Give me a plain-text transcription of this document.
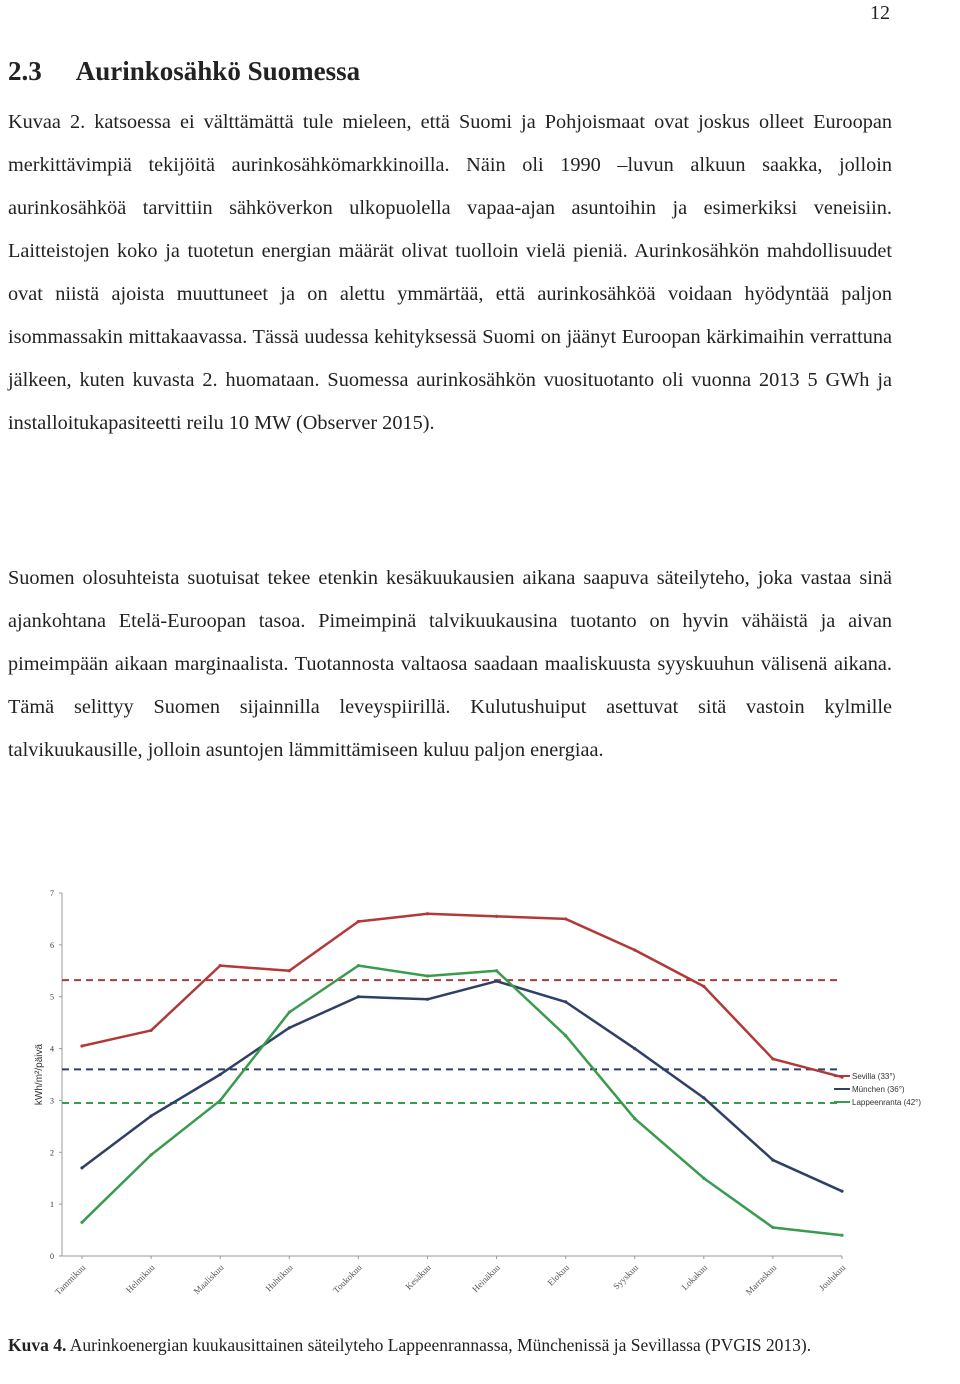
12
2.3 Aurinkosähkö Suomessa

Kuvaa 2. katsoessa ei välttämättä tule mieleen, että Suomi ja Pohjoismaat ovat joskus olleet Euroopan merkittävimpiä tekijöitä aurinkosähkömarkkinoilla. Näin oli 1990 –luvun alkuun saakka, jolloin aurinkosähköä tarvittiin sähköverkon ulkopuolella vapaa-ajan asuntoihin ja esimerkiksi veneisiin. Laitteistojen koko ja tuotetun energian määrät olivat tuolloin vielä pieniä. Aurinkosähkön mahdollisuudet ovat niistä ajoista muuttuneet ja on alettu ymmärtää, että aurinkosähköä voidaan hyödyntää paljon isommassakin mittakaavassa. Tässä uudessa kehityksessä Suomi on jäänyt Euroopan kärkimaihin verrattuna jälkeen, kuten kuvasta 2. huomataan. Suomessa aurinkosähkön vuosituotanto oli vuonna 2013 5 GWh ja installoitukapasiteetti reilu 10 MW (Observer 2015).

Suomen olosuhteista suotuisat tekee etenkin kesäkuukausien aikana saapuva säteilyteho, joka vastaa sinä ajankohtana Etelä-Euroopan tasoa. Pimeimpinä talvikuukausina tuotanto on hyvin vähäistä ja aivan pimeimpään aikaan marginaalista. Tuotannosta valtaosa saadaan maaliskuusta syyskuuhun välisenä aikana. Tämä selittyy Suomen sijainnilla leveyspiirillä. Kulutushuiput asettuvat sitä vastoin kylmille talvikuukausille, jolloin asuntojen lämmittämiseen kuluu paljon energiaa.

0
1
2
3
4
5
6
7
kWh/m²/päivä
Tammikuu	Helmikuu	Maaliskuu	Huhtikuu	Toukokuu	Kesäkuu	Heinäkuu	Elokuu	Syyskuu	Lokakuu	Marraskuu	Joulukuu
Sevilla (33°)
München (36°)
Lappeenranta (42°)

Kuva 4. Aurinkoenergian kuukausittainen säteilyteho Lappeenrannassa, Münchenissä ja Sevillassa (PVGIS 2013).
